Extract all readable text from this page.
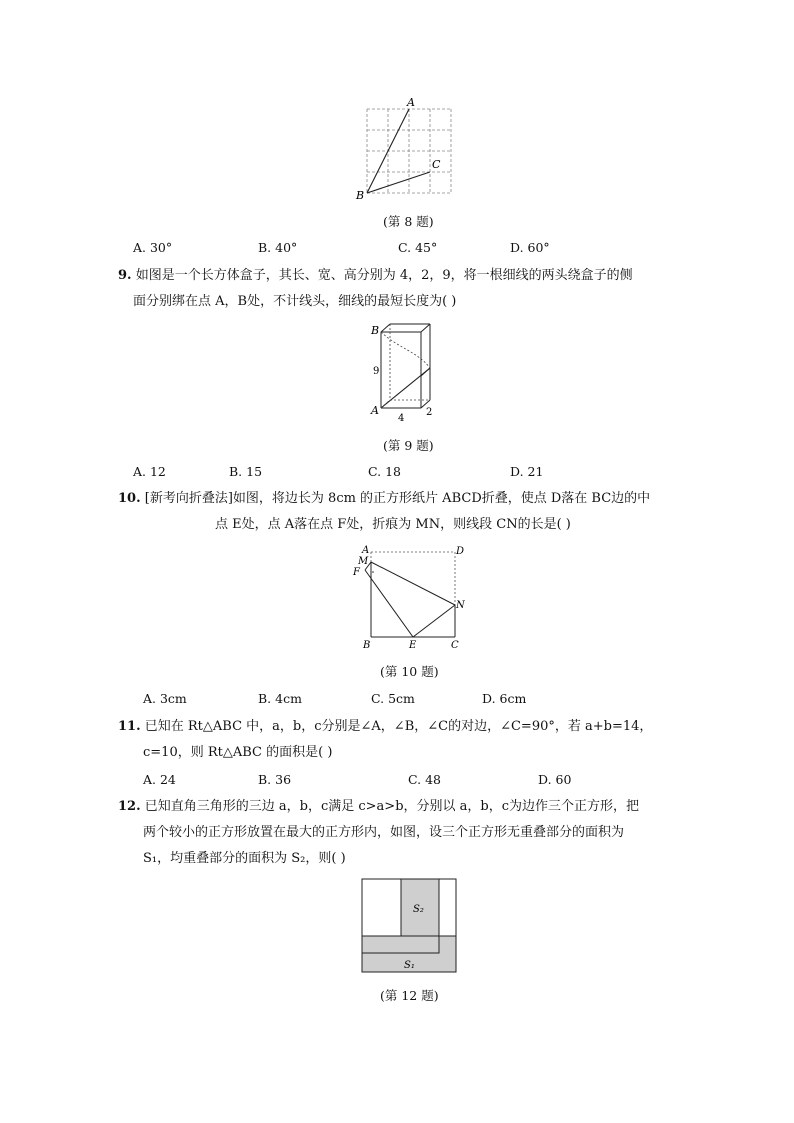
A
B
C
(第 8 题)
A. 30°	B. 40°	C. 45°	D. 60°
9. 如图是一个长方体盒子，其长、宽、高分别为 4，2，9，将一根细线的两头绕盒子的侧
面分别绑在点 A，B处，不计线头，细线的最短长度为( )
B
A
9
4
2
(第 9 题)
A. 12	B. 15	C. 18	D. 21
10. [新考向折叠法]如图，将边长为 8cm 的正方形纸片 ABCD折叠，使点 D落在 BC边的中
点 E处，点 A落在点 F处，折痕为 MN，则线段 CN的长是( )
A
M
F
D
N
B	E	C
(第 10 题)
A. 3cm	B. 4cm	C. 5cm	D. 6cm
11. 已知在 Rt△ABC 中，a，b，c分别是∠A，∠B，∠C的对边，∠C=90°，若 a+b=14，
c=10，则 Rt△ABC 的面积是( )
A. 24	B. 36	C. 48	D. 60
12. 已知直角三角形的三边 a，b，c满足 c>a>b，分别以 a，b，c为边作三个正方形，把
两个较小的正方形放置在最大的正方形内，如图，设三个正方形无重叠部分的面积为
S₁，均重叠部分的面积为 S₂，则( )
S₂
S₁
(第 12 题)
